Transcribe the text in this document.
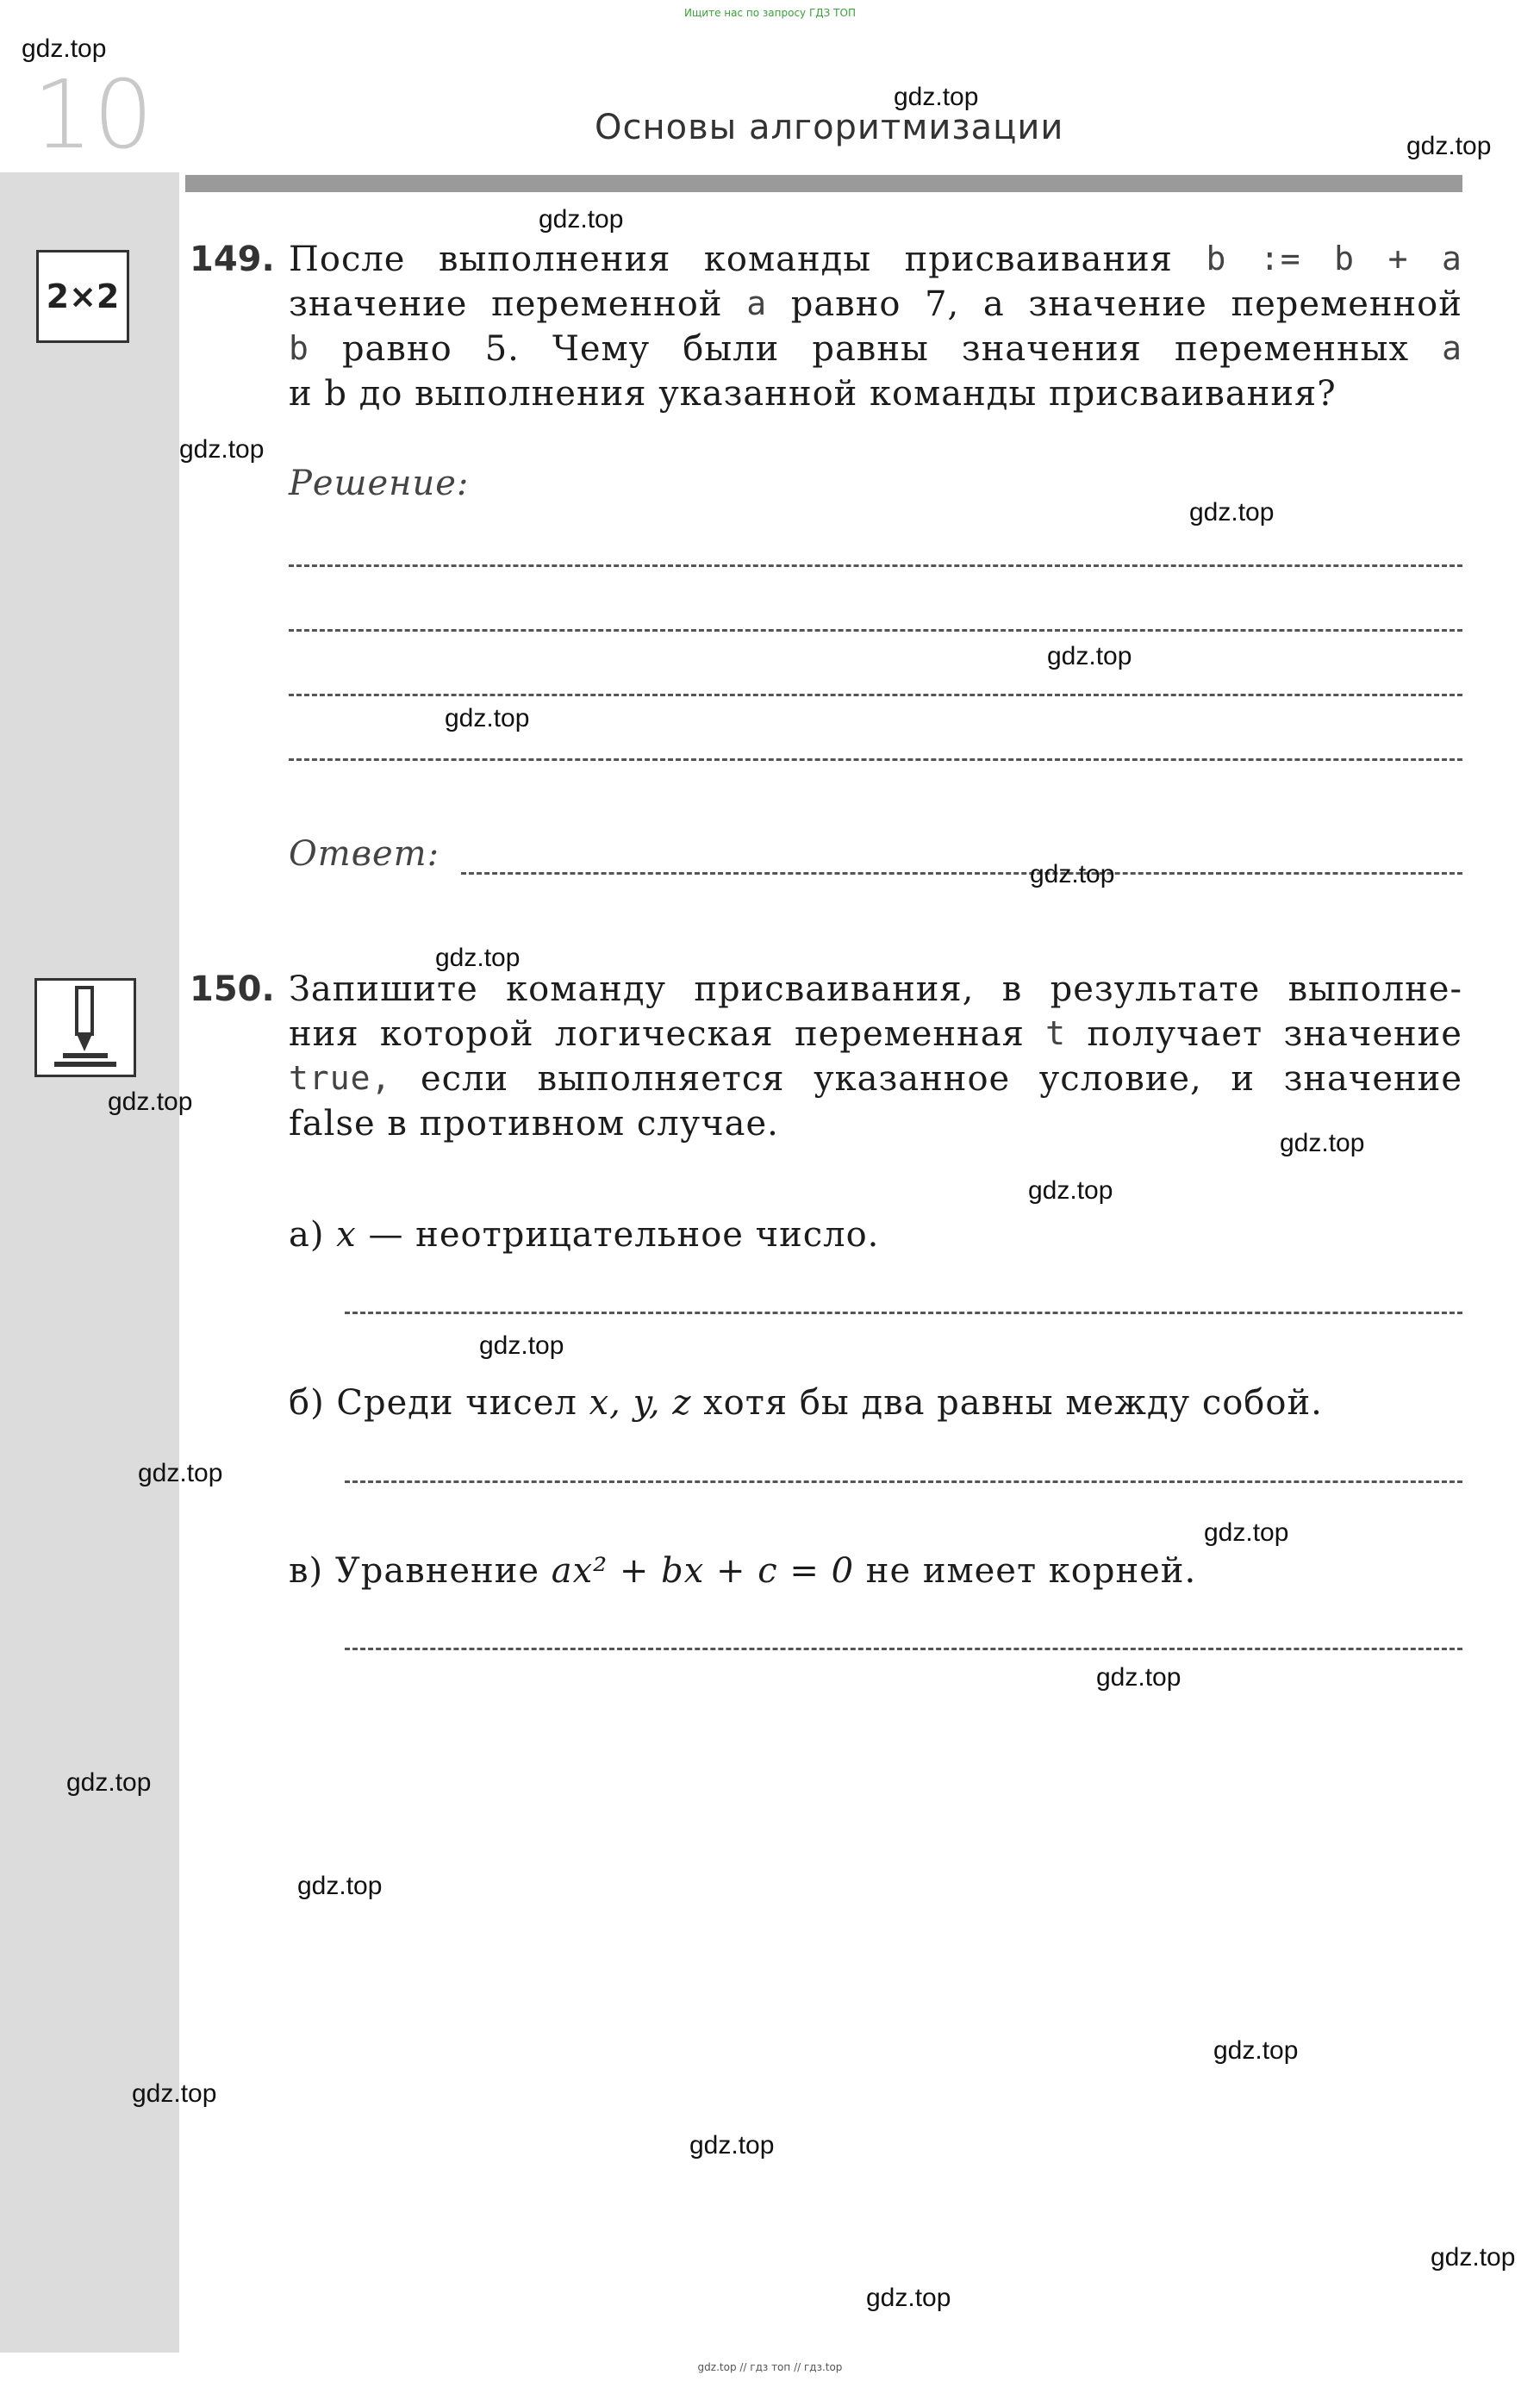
Ищите нас по запросу ГДЗ ТОП
10	Основы алгоритмизации
2×2
149. После выполнения команды присваивания b := b + a
значение переменной a равно 7, а значение переменной
b равно 5. Чему были равны значения переменных a
и b до выполнения указанной команды присваивания?
Решение:
Ответ:
150. Запишите команду присваивания, в результате выполне-
ния которой логическая переменная t получает значение
true, если выполняется указанное условие, и значение
false в противном случае.
а) x — неотрицательное число.
б) Среди чисел x, y, z хотя бы два равны между собой.
в) Уравнение ax² + bx + c = 0 не имеет корней.
gdz.top
gdz.top
gdz.top
gdz.top
gdz.top
gdz.top
gdz.top
gdz.top
gdz.top
gdz.top
gdz.top
gdz.top
gdz.top
gdz.top
gdz.top
gdz.top
gdz.top
gdz.top
gdz.top
gdz.top
gdz.top
gdz.top
gdz.top
gdz.top
gdz.top // гдз топ // гдз.top
